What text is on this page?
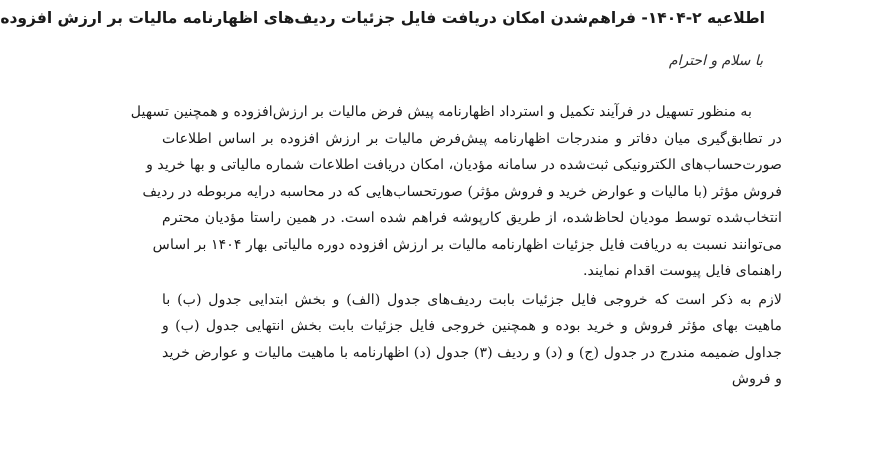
اطلاعیه ۲-۱۴۰۴- فراهم‌شدن امکان دریافت فایل جزئیات ردیف‌های اظهارنامه مالیات بر ارزش افزوده
با سلام و احترام
به منظور تسهیل در فرآیند تکمیل و استرداد اظهارنامه پیش فرض مالیات بر ارزش‌افزوده و همچنین تسهیل
در تطابق‌گیری میان دفاتر و مندرجات اظهارنامه پیش‌فرض مالیات بر ارزش افزوده بر اساس اطلاعات
صورت‌حساب‌های الکترونیکی ثبت‌شده در سامانه مؤدیان، امکان دریافت اطلاعات شماره مالیاتی و بها خرید و
فروش مؤثر (با مالیات و عوارض خرید و فروش مؤثر) صورتحساب‌هایی که در محاسبه درایه مربوطه در ردیف
انتخاب‌شده توسط مودیان لحاظ‌شده، از طریق کارپوشه فراهم شده است. در همین راستا مؤدیان محترم
می‌توانند نسبت به دریافت فایل جزئیات اظهارنامه مالیات بر ارزش افزوده دوره مالیاتی بهار ۱۴۰۴ بر اساس
راهنمای فایل پیوست اقدام نمایند.
لازم به ذکر است که خروجی فایل جزئیات بابت ردیف‌های جدول (الف) و بخش ابتدایی جدول (ب) با
ماهیت بهای مؤثر فروش و خرید بوده و همچنین خروجی فایل جزئیات بابت بخش انتهایی جدول (ب) و
جداول ضمیمه مندرج در جدول (ج) و (د) و ردیف (۳) جدول (د) اظهارنامه با ماهیت مالیات و عوارض خرید
و فروش
